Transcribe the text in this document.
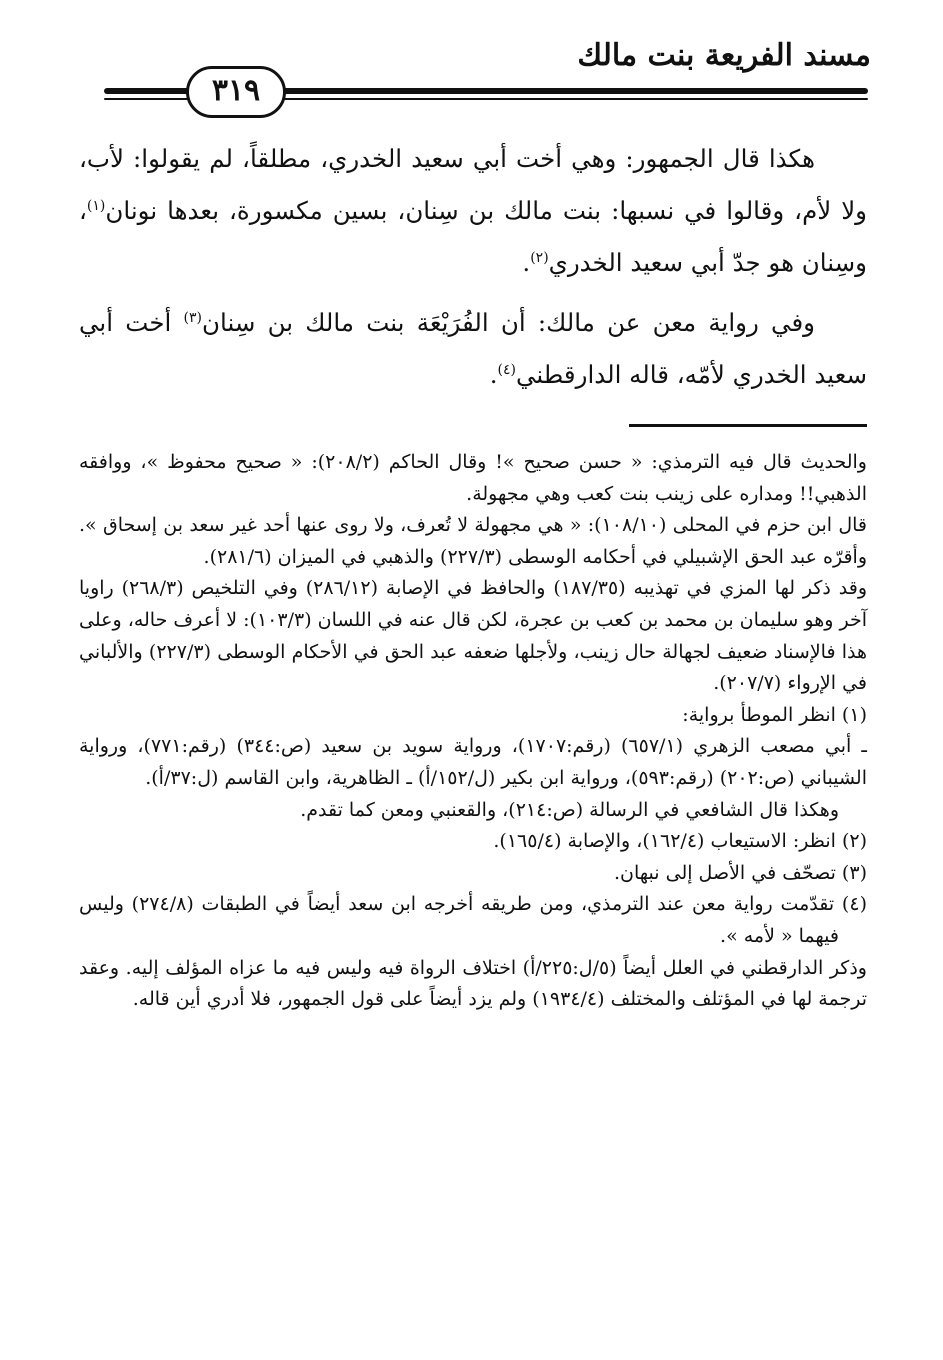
مسند الفريعة بنت مالك
٣١٩

هكذا قال الجمهور: وهي أخت أبي سعيد الخدري، مطلقاً، لم يقولوا: لأب، ولا لأم، وقالوا في نسبها: بنت مالك بن سِنان، بسين مكسورة، بعدها نونان$^{(١)}$، وسِنان هو جدّ أبي سعيد الخدري$^{(٢)}$.

وفي رواية معن عن مالك: أن الفُرَيْعَة بنت مالك بن سِنان$^{(٣)}$ أخت أبي سعيد الخدري لأمّه، قاله الدارقطني$^{(٤)}$.

والحديث قال فيه الترمذي: « حسن صحيح »! وقال الحاكم (٢٠٨/٢): « صحيح محفوظ »، ووافقه الذهبي!! ومداره على زينب بنت كعب وهي مجهولة.

قال ابن حزم في المحلى (١٠٨/١٠): « هي مجهولة لا تُعرف، ولا روى عنها أحد غير سعد بن إسحاق ». وأقرّه عبد الحق الإشبيلي في أحكامه الوسطى (٢٢٧/٣) والذهبي في الميزان (٢٨١/٦).

وقد ذكر لها المزي في تهذيبه (١٨٧/٣٥) والحافظ في الإصابة (٢٨٦/١٢) وفي التلخيص (٢٦٨/٣) راويا آخر وهو سليمان بن محمد بن كعب بن عجرة، لكن قال عنه في اللسان (١٠٣/٣): لا أعرف حاله، وعلى هذا فالإسناد ضعيف لجهالة حال زينب، ولأجلها ضعفه عبد الحق في الأحكام الوسطى (٢٢٧/٣) والألباني في الإرواء (٢٠٧/٧).

(١) انظر الموطأ برواية:

ـ أبي مصعب الزهري (٦٥٧/١) (رقم:١٧٠٧)، ورواية سويد بن سعيد (ص:٣٤٤) (رقم:٧٧١)، ورواية الشيباني (ص:٢٠٢) (رقم:٥٩٣)، ورواية ابن بكير (ل/١٥٢/أ) ـ الظاهرية، وابن القاسم (ل:٣٧/أ).

وهكذا قال الشافعي في الرسالة (ص:٢١٤)، والقعنبي ومعن كما تقدم.

(٢) انظر: الاستيعاب (١٦٢/٤)، والإصابة (١٦٥/٤).

(٣) تصحّف في الأصل إلى نبهان.

(٤) تقدّمت رواية معن عند الترمذي، ومن طريقه أخرجه ابن سعد أيضاً في الطبقات (٢٧٤/٨) وليس فيهما « لأمه ».

وذكر الدارقطني في العلل أيضاً (٥/ل:٢٢٥/أ) اختلاف الرواة فيه وليس فيه ما عزاه المؤلف إليه. وعقد ترجمة لها في المؤتلف والمختلف (١٩٣٤/٤) ولم يزد أيضاً على قول الجمهور، فلا أدري أين قاله.
